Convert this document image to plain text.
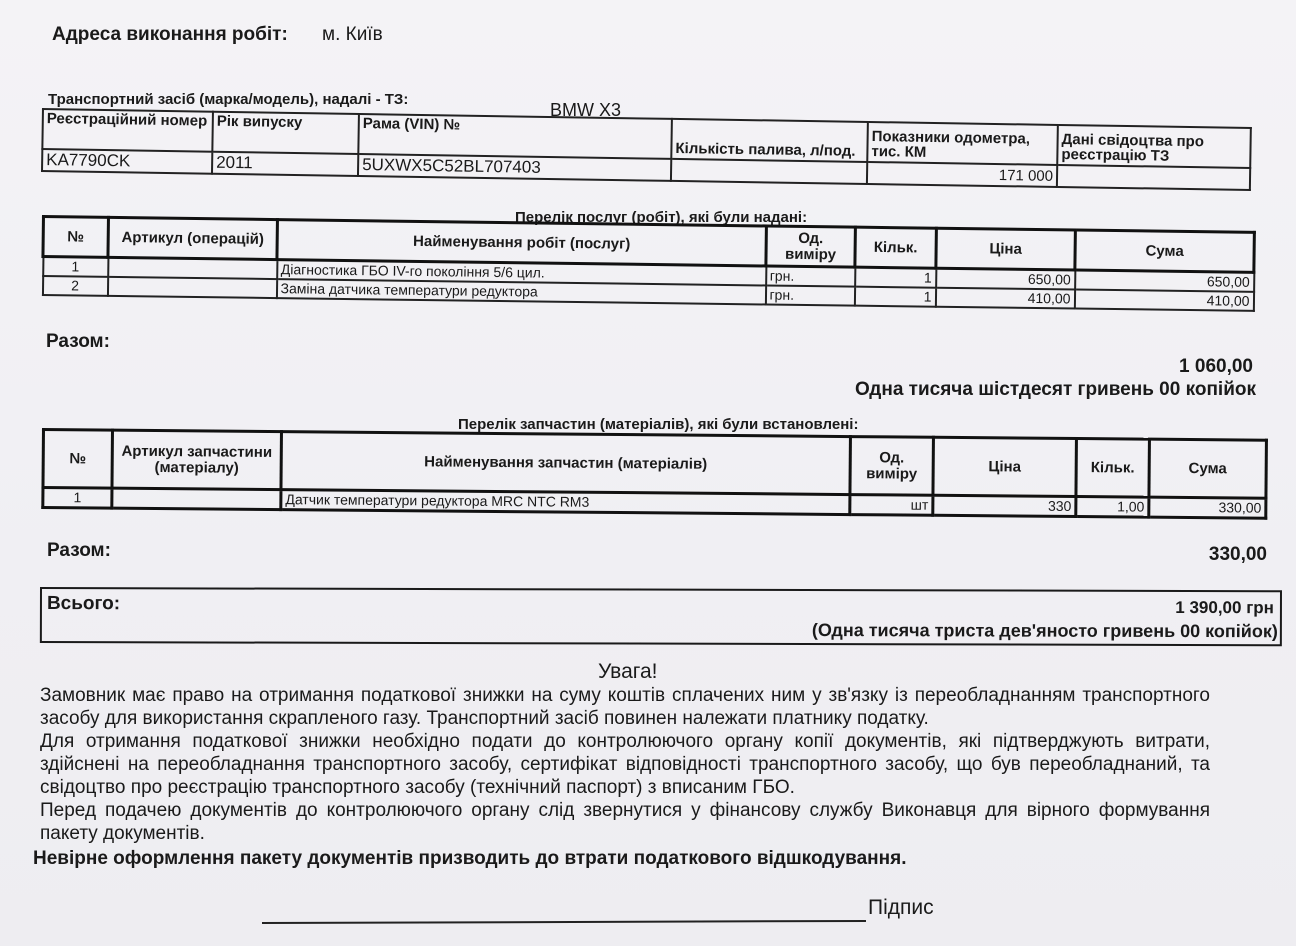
Адреса виконання робіт: м. Київ
Транспортний засіб (марка/модель), надалі - ТЗ:
BMW X3
Реєстраційний номер	Рік випуску	Рама (VIN) №	Кількість палива, л/под.	Показники одометра, тис. КМ	Дані свідоцтва про реєстрацію ТЗ
KA7790CK	2011	5UXWX5C52BL707403		171 000	
Перелік послуг (робіт), які були надані:
№	Артикул (операцій)	Найменування робіт (послуг)	Од. виміру	Кільк.	Ціна	Сума
1		Діагностика ГБО IV-го покоління 5/6 цил.	грн.	1	650,00	650,00
2		Заміна датчика температури редуктора	грн.	1	410,00	410,00
Разом:
1 060,00
Одна тисяча шістдесят гривень 00 копійок
Перелік запчастин (матеріалів), які були встановлені:
№	Артикул запчастини (матеріалу)	Найменування запчастин (матеріалів)	Од. виміру	Ціна	Кільк.	Сума
1		Датчик температури редуктора MRC NTC RM3	шт	330	1,00	330,00
Разом:	330,00
Всього:	1 390,00 грн
(Одна тисяча триста дев'яносто гривень 00 копійок)
Увага!
Замовник має право на отримання податкової знижки на суму коштів сплачених ним у зв'язку із переобладнанням транспортного засобу для використання скрапленого газу. Транспортний засіб повинен належати платнику податку.
Для отримання податкової знижки необхідно подати до контролюючого органу копії документів, які підтверджують витрати, здійснені на переобладнання транспортного засобу, сертифікат відповідності транспортного засобу, що був переобладнаний, та свідоцтво про реєстрацію транспортного засобу (технічний паспорт) з вписаним ГБО.
Перед подачею документів до контролюючого органу слід звернутися у фінансову службу Виконавця для вірного формування пакету документів.
Невірне оформлення пакету документів призводить до втрати податкового відшкодування.
Підпис
